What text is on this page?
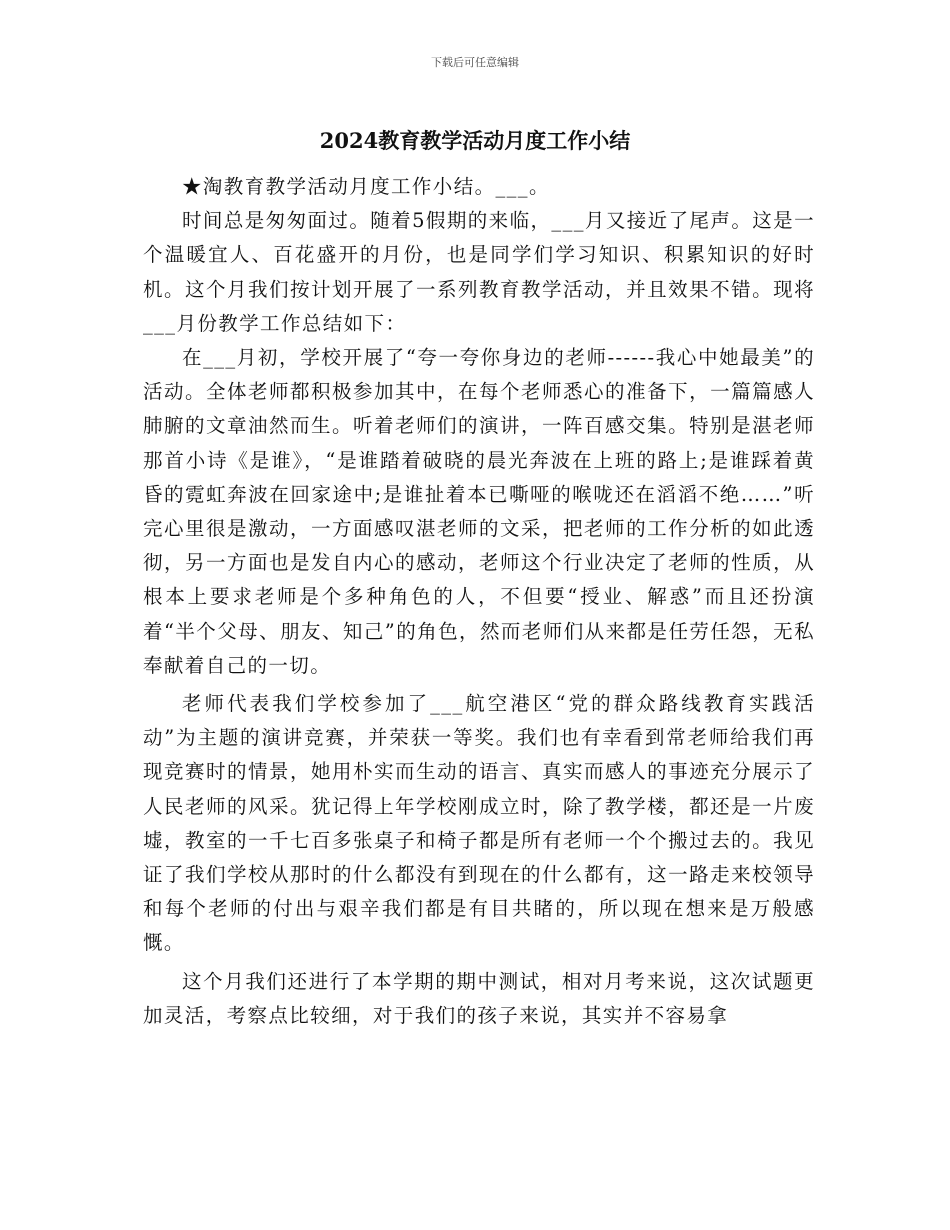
下载后可任意编辑
2024教育教学活动月度工作小结

★淘教育教学活动月度工作小结。___。

时间总是匆匆面过。随着5假期的来临，___月又接近了尾声。这是一个温暖宜人、百花盛开的月份，也是同学们学习知识、积累知识的好时机。这个月我们按计划开展了一系列教育教学活动，并且效果不错。现将___月份教学工作总结如下：

在___月初，学校开展了“夸一夸你身边的老师------我心中她最美”的活动。全体老师都积极参加其中，在每个老师悉心的准备下，一篇篇感人肺腑的文章油然而生。听着老师们的演讲，一阵百感交集。特别是湛老师那首小诗《是谁》，“是谁踏着破晓的晨光奔波在上班的路上;是谁踩着黄昏的霓虹奔波在回家途中;是谁扯着本已嘶哑的喉咙还在滔滔不绝……”听完心里很是激动，一方面感叹湛老师的文采，把老师的工作分析的如此透彻，另一方面也是发自内心的感动，老师这个行业决定了老师的性质，从根本上要求老师是个多种角色的人，不但要“授业、解惑”而且还扮演着“半个父母、朋友、知己”的角色，然而老师们从来都是任劳任怨，无私奉献着自己的一切。

老师代表我们学校参加了___航空港区“党的群众路线教育实践活动”为主题的演讲竞赛，并荣获一等奖。我们也有幸看到常老师给我们再现竞赛时的情景，她用朴实而生动的语言、真实而感人的事迹充分展示了人民老师的风采。犹记得上年学校刚成立时，除了教学楼，都还是一片废墟，教室的一千七百多张桌子和椅子都是所有老师一个个搬过去的。我见证了我们学校从那时的什么都没有到现在的什么都有，这一路走来校领导和每个老师的付出与艰辛我们都是有目共睹的，所以现在想来是万般感慨。

这个月我们还进行了本学期的期中测试，相对月考来说，这次试题更加灵活，考察点比较细，对于我们的孩子来说，其实并不容易拿
